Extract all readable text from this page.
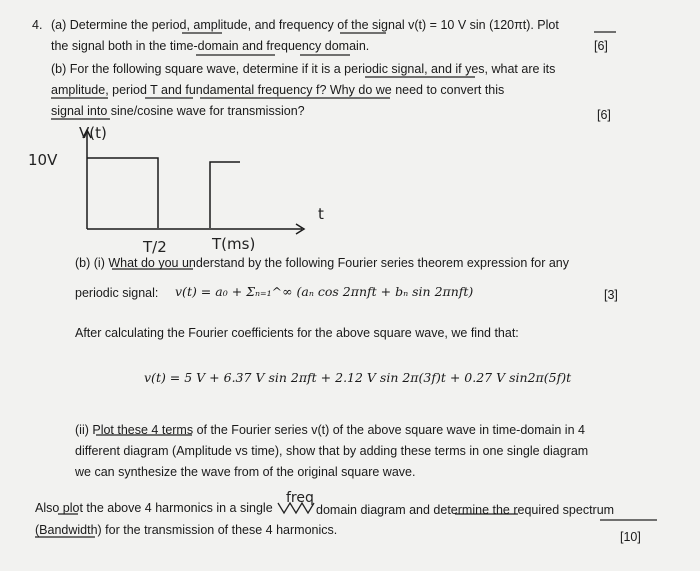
4. (a) Determine the period, amplitude, and frequency of the signal v(t) = 10 V sin (120πt). Plot
the signal both in the time-domain and frequency domain.	[6]
(b) For the following square wave, determine if it is a periodic signal, and if yes, what are its
amplitude, period T and fundamental frequency f? Why do we need to convert this
signal into sine/cosine wave for transmission?	[6]
V(t)
10V
t
T/2	T(ms)
(b) (i) What do you understand by the following Fourier series theorem expression for any
periodic signal: v(t) = a₀ + Σₙ₌₁^∞ (aₙ cos 2πnft + bₙ sin 2πnft)	[3]
After calculating the Fourier coefficients for the above square wave, we find that:
v(t) = 5 V + 6.37 V sin 2πft + 2.12 V sin 2π(3f)t + 0.27 V sin2π(5f)t
(ii) Plot these 4 terms of the Fourier series v(t) of the above square wave in time-domain in 4
different diagram (Amplitude vs time), show that by adding these terms in one single diagram
we can synthesize the wave from of the original square wave.
Also plot the above 4 harmonics in a single
freq
domain diagram and determine the required spectrum
(Bandwidth) for the transmission of these 4 harmonics.	[10]
